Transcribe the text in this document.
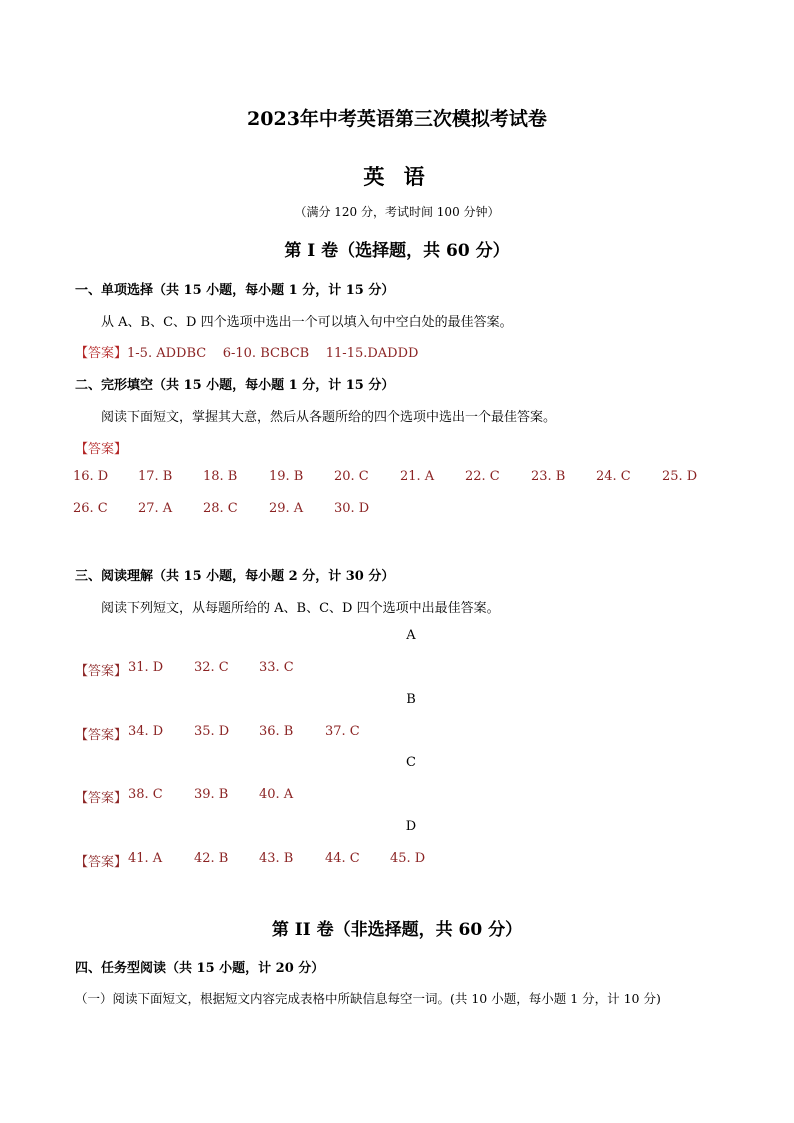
2023年中考英语第三次模拟考试卷
英 语
（满分 120 分，考试时间 100 分钟）
第 I 卷（选择题，共 60 分）
一、单项选择（共 15 小题，每小题 1 分，计 15 分）
从 A、B、C、D 四个选项中选出一个可以填入句中空白处的最佳答案。
【答案】1-5. ADDBC    6-10. BCBCB    11-15.DADDD
二、完形填空（共 15 小题，每小题 1 分，计 15 分）
阅读下面短文，掌握其大意，然后从各题所给的四个选项中选出一个最佳答案。
【答案】
16. D 17. B 18. B 19. B 20. C 21. A 22. C 23. B 24. C 25. D
26. C 27. A 28. C 29. A 30. D
三、阅读理解（共 15 小题，每小题 2 分，计 30 分）
阅读下列短文，从每题所给的 A、B、C、D 四个选项中出最佳答案。
A
【答案】 31. D 32. C 33. C
B
【答案】 34. D 35. D 36. B 37. C
C
【答案】 38. C 39. B 40. A
D
【答案】 41. A 42. B 43. B 44. C 45. D
第 II 卷（非选择题，共 60 分）
四、任务型阅读（共 15 小题，计 20 分）
（一）阅读下面短文，根据短文内容完成表格中所缺信息每空一词。(共 10 小题，每小题 1 分，计 10 分)
